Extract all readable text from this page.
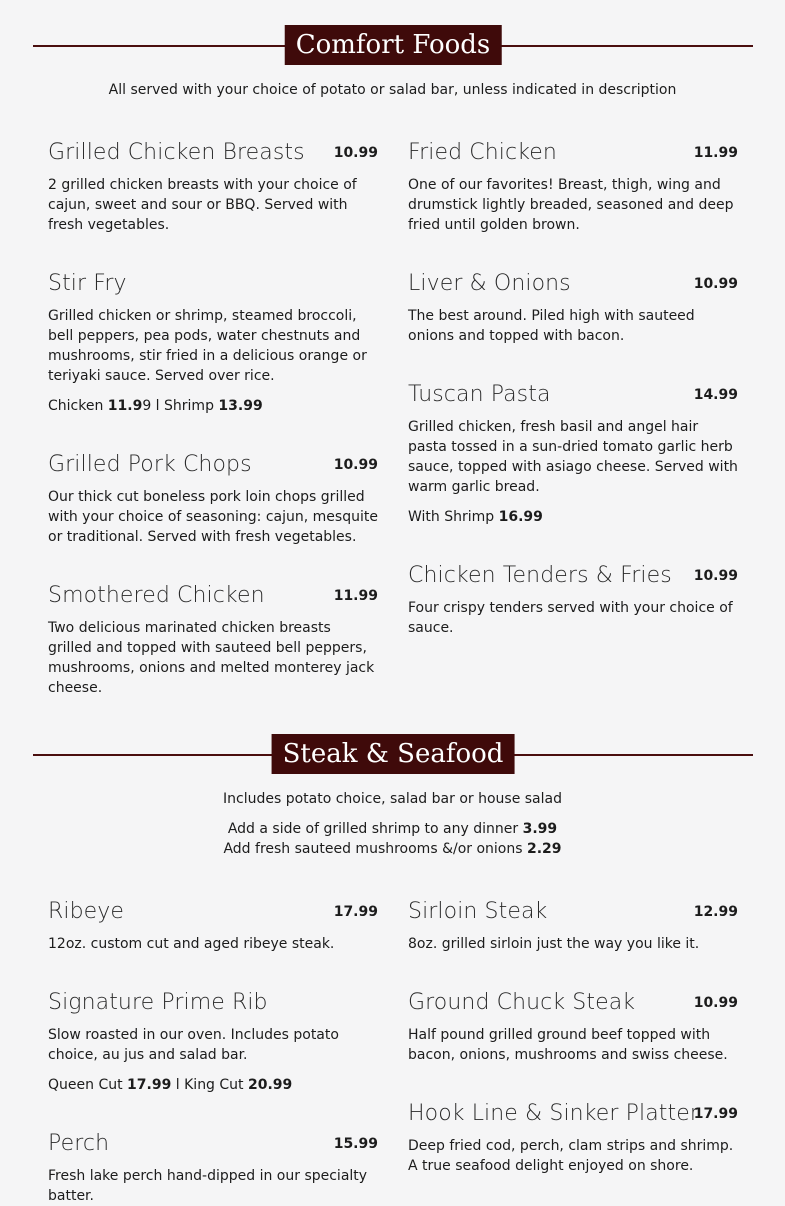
Comfort Foods
All served with your choice of potato or salad bar, unless indicated in description
Grilled Chicken Breasts	10.99
2 grilled chicken breasts with your choice of cajun, sweet and sour or BBQ. Served with fresh vegetables.
Fried Chicken	11.99
One of our favorites! Breast, thigh, wing and drumstick lightly breaded, seasoned and deep fried until golden brown.
Stir Fry
Grilled chicken or shrimp, steamed broccoli, bell peppers, pea pods, water chestnuts and mushrooms, stir fried in a delicious orange or teriyaki sauce. Served over rice.
Chicken 11.99 l Shrimp 13.99
Liver & Onions	10.99
The best around. Piled high with sauteed onions and topped with bacon.
Tuscan Pasta	14.99
Grilled chicken, fresh basil and angel hair pasta tossed in a sun-dried tomato garlic herb sauce, topped with asiago cheese. Served with warm garlic bread.
With Shrimp 16.99
Grilled Pork Chops	10.99
Our thick cut boneless pork loin chops grilled with your choice of seasoning: cajun, mesquite or traditional. Served with fresh vegetables.
Chicken Tenders & Fries	10.99
Four crispy tenders served with your choice of sauce.
Smothered Chicken	11.99
Two delicious marinated chicken breasts grilled and topped with sauteed bell peppers, mushrooms, onions and melted monterey jack cheese.
Steak & Seafood
Includes potato choice, salad bar or house salad
Add a side of grilled shrimp to any dinner 3.99
Add fresh sauteed mushrooms &/or onions 2.29
Ribeye	17.99
12oz. custom cut and aged ribeye steak.
Sirloin Steak	12.99
8oz. grilled sirloin just the way you like it.
Signature Prime Rib
Slow roasted in our oven. Includes potato choice, au jus and salad bar.
Queen Cut 17.99 l King Cut 20.99
Ground Chuck Steak	10.99
Half pound grilled ground beef topped with bacon, onions, mushrooms and swiss cheese.
Hook Line & Sinker Platter
17.99
Deep fried cod, perch, clam strips and shrimp. A true seafood delight enjoyed on shore.
Perch	15.99
Fresh lake perch hand-dipped in our specialty batter.
